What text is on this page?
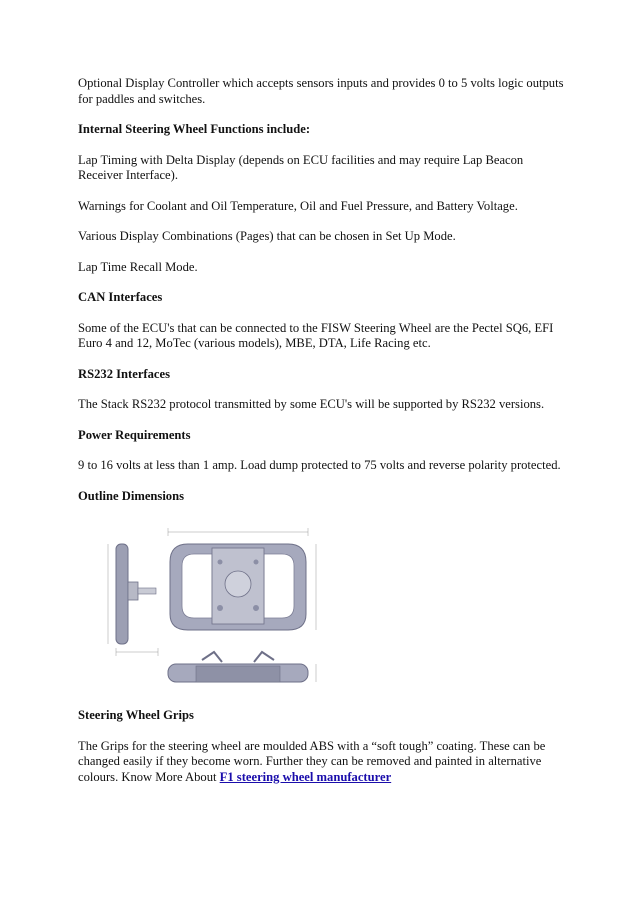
Optional Display Controller which accepts sensors inputs and provides 0 to 5 volts logic outputs for paddles and switches.

Internal Steering Wheel Functions include:

Lap Timing with Delta Display (depends on ECU facilities and may require Lap Beacon Receiver Interface).

Warnings for Coolant and Oil Temperature, Oil and Fuel Pressure, and Battery Voltage.

Various Display Combinations (Pages) that can be chosen in Set Up Mode.

Lap Time Recall Mode.

CAN Interfaces

Some of the ECU's that can be connected to the FISW Steering Wheel are the Pectel SQ6, EFI Euro 4 and 12, MoTec (various models), MBE, DTA, Life Racing etc.

RS232 Interfaces

The Stack RS232 protocol transmitted by some ECU's will be supported by RS232 versions.

Power Requirements

9 to 16 volts at less than 1 amp. Load dump protected to 75 volts and reverse polarity protected.

Outline Dimensions

Steering Wheel Grips

The Grips for the steering wheel are moulded ABS with a “soft tough” coating. These can be changed easily if they become worn. Further they can be removed and painted in alternative colours. Know More About F1 steering wheel manufacturer
